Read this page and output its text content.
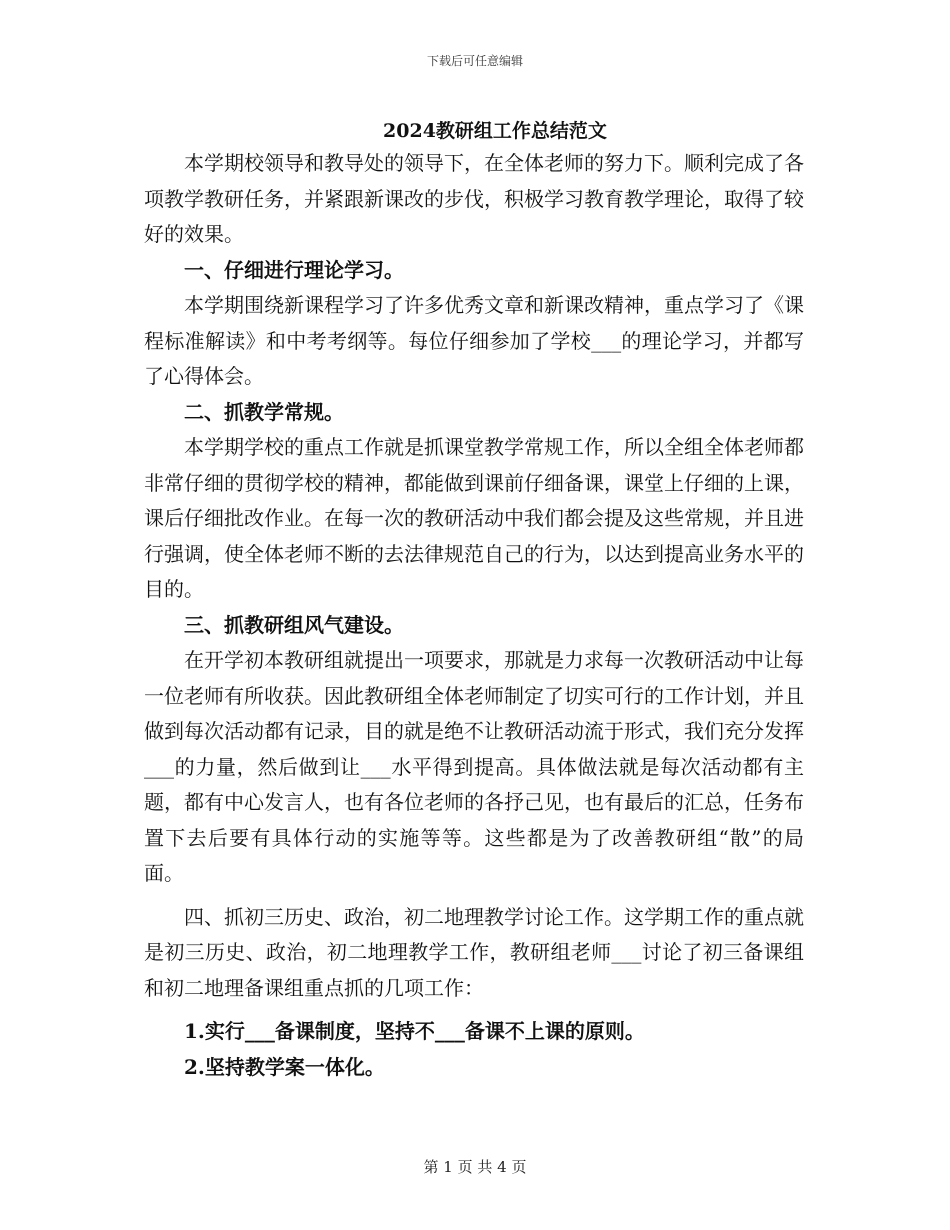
下载后可任意编辑
2024教研组工作总结范文

本学期校领导和教导处的领导下，在全体老师的努力下。顺利完成了各项教学教研任务，并紧跟新课改的步伐，积极学习教育教学理论，取得了较好的效果。

一、仔细进行理论学习。

本学期围绕新课程学习了许多优秀文章和新课改精神，重点学习了《课程标准解读》和中考考纲等。每位仔细参加了学校___的理论学习，并都写了心得体会。

二、抓教学常规。

本学期学校的重点工作就是抓课堂教学常规工作，所以全组全体老师都非常仔细的贯彻学校的精神，都能做到课前仔细备课，课堂上仔细的上课，课后仔细批改作业。在每一次的教研活动中我们都会提及这些常规，并且进行强调，使全体老师不断的去法律规范自己的行为，以达到提高业务水平的目的。

三、抓教研组风气建设。

在开学初本教研组就提出一项要求，那就是力求每一次教研活动中让每一位老师有所收获。因此教研组全体老师制定了切实可行的工作计划，并且做到每次活动都有记录，目的就是绝不让教研活动流于形式，我们充分发挥___的力量，然后做到让___水平得到提高。具体做法就是每次活动都有主题，都有中心发言人，也有各位老师的各抒己见，也有最后的汇总，任务布置下去后要有具体行动的实施等等。这些都是为了改善教研组“散”的局面。

四、抓初三历史、政治，初二地理教学讨论工作。这学期工作的重点就是初三历史、政治，初二地理教学工作，教研组老师___讨论了初三备课组和初二地理备课组重点抓的几项工作：

1.实行___备课制度，坚持不___备课不上课的原则。

2.坚持教学案一体化。

第 1 页 共 4 页
